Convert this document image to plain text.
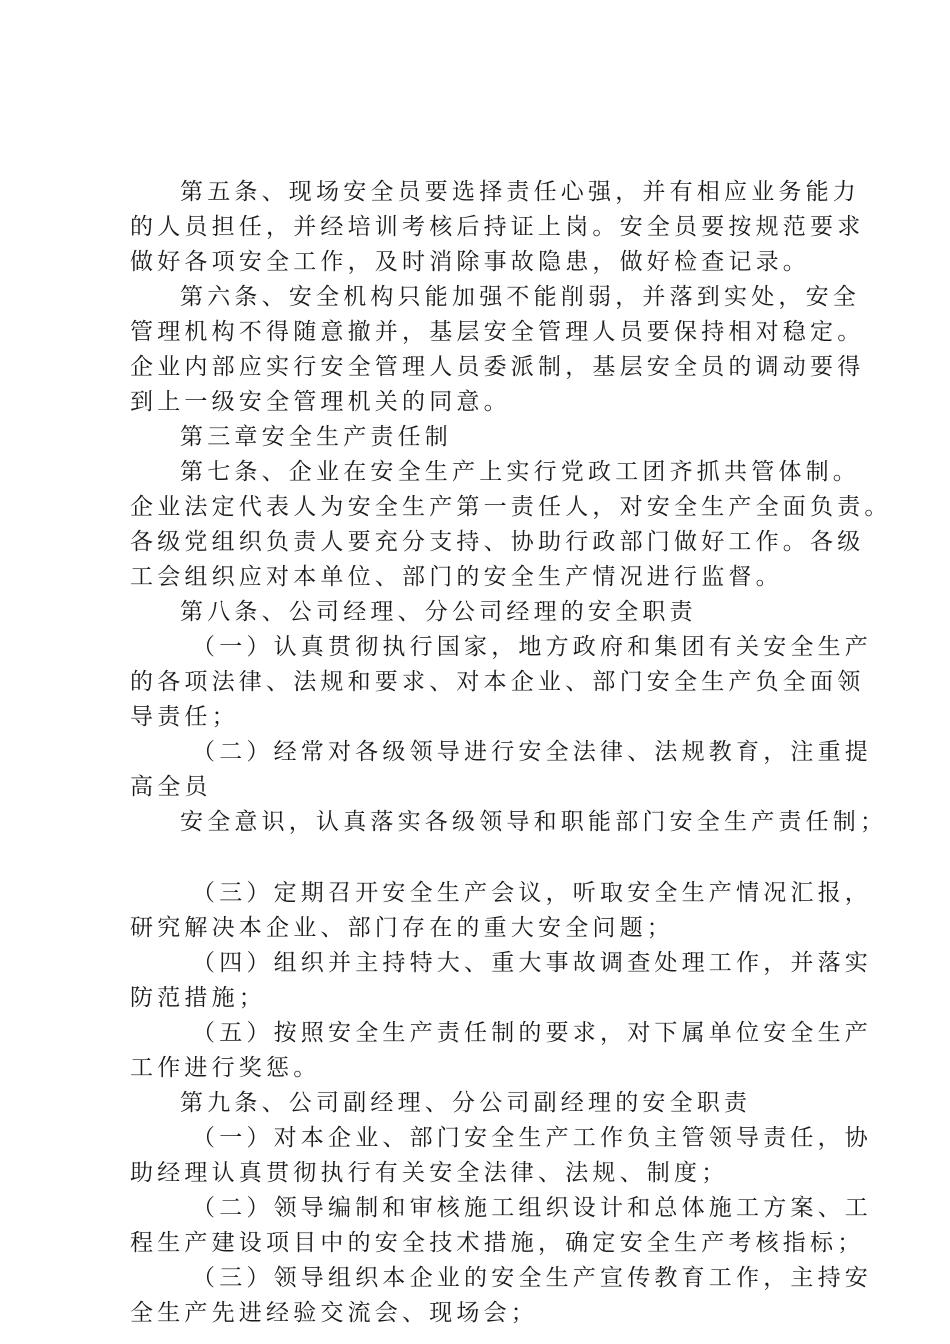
第五条、现场安全员要选择责任心强，并有相应业务能力
的人员担任，并经培训考核后持证上岗。安全员要按规范要求
做好各项安全工作，及时消除事故隐患，做好检查记录。
第六条、安全机构只能加强不能削弱，并落到实处，安全
管理机构不得随意撤并，基层安全管理人员要保持相对稳定。
企业内部应实行安全管理人员委派制，基层安全员的调动要得
到上一级安全管理机关的同意。
第三章安全生产责任制
第七条、企业在安全生产上实行党政工团齐抓共管体制。
企业法定代表人为安全生产第一责任人，对安全生产全面负责。
各级党组织负责人要充分支持、协助行政部门做好工作。各级
工会组织应对本单位、部门的安全生产情况进行监督。
第八条、公司经理、分公司经理的安全职责
（一）认真贯彻执行国家，地方政府和集团有关安全生产
的各项法律、法规和要求、对本企业、部门安全生产负全面领
导责任；
（二）经常对各级领导进行安全法律、法规教育，注重提
高全员
安全意识，认真落实各级领导和职能部门安全生产责任制；
（三）定期召开安全生产会议，听取安全生产情况汇报，
研究解决本企业、部门存在的重大安全问题；
（四）组织并主持特大、重大事故调查处理工作，并落实
防范措施；
（五）按照安全生产责任制的要求，对下属单位安全生产
工作进行奖惩。
第九条、公司副经理、分公司副经理的安全职责
（一）对本企业、部门安全生产工作负主管领导责任，协
助经理认真贯彻执行有关安全法律、法规、制度；
（二）领导编制和审核施工组织设计和总体施工方案、工
程生产建设项目中的安全技术措施，确定安全生产考核指标；
（三）领导组织本企业的安全生产宣传教育工作，主持安
全生产先进经验交流会、现场会；
